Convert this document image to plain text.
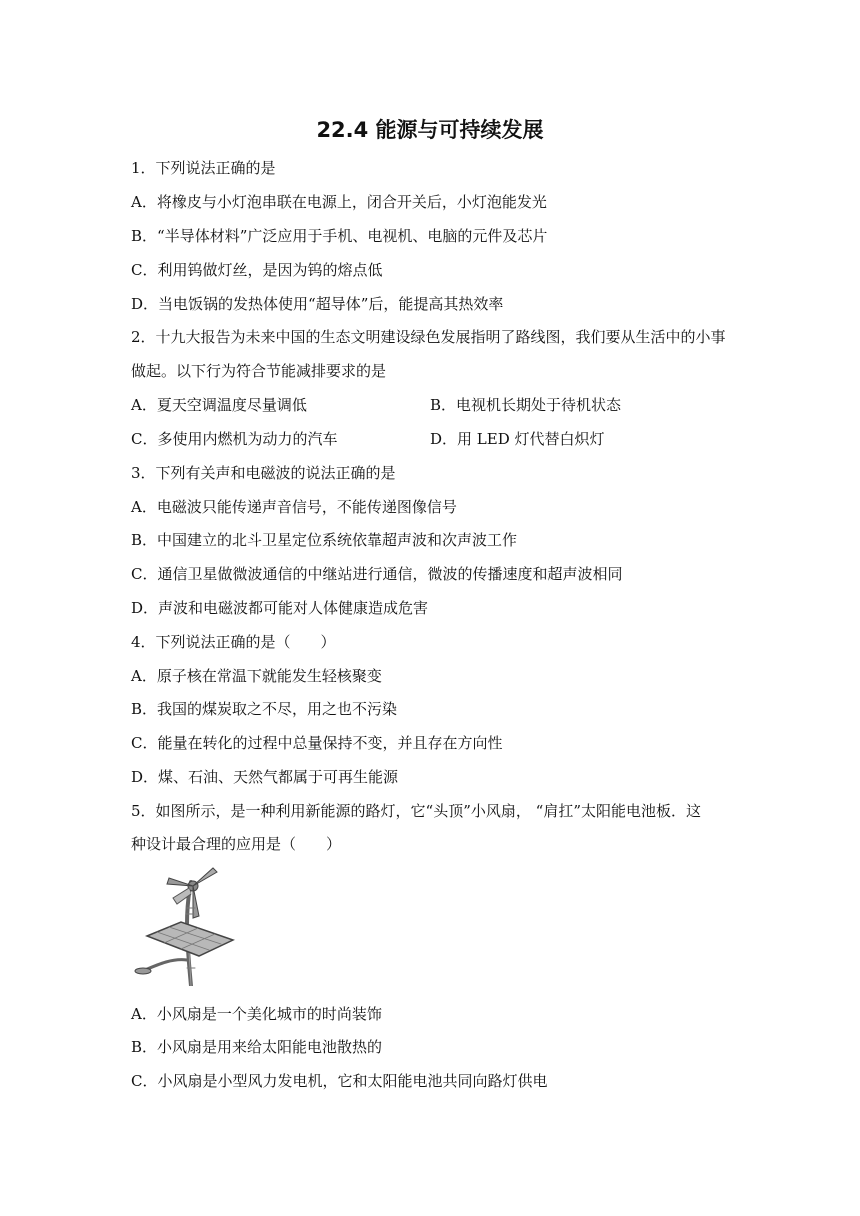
22.4 能源与可持续发展
1．下列说法正确的是
A．将橡皮与小灯泡串联在电源上，闭合开关后，小灯泡能发光
B．“半导体材料”广泛应用于手机、电视机、电脑的元件及芯片
C．利用钨做灯丝，是因为钨的熔点低
D．当电饭锅的发热体使用“超导体”后，能提高其热效率
2．十九大报告为未来中国的生态文明建设绿色发展指明了路线图，我们要从生活中的小事
做起。以下行为符合节能减排要求的是
A．夏天空调温度尽量调低	B．电视机长期处于待机状态
C．多使用内燃机为动力的汽车	D．用 LED 灯代替白炽灯
3．下列有关声和电磁波的说法正确的是
A．电磁波只能传递声音信号，不能传递图像信号
B．中国建立的北斗卫星定位系统依靠超声波和次声波工作
C．通信卫星做微波通信的中继站进行通信，微波的传播速度和超声波相同
D．声波和电磁波都可能对人体健康造成危害
4．下列说法正确的是（　　）
A．原子核在常温下就能发生轻核聚变
B．我国的煤炭取之不尽，用之也不污染
C．能量在转化的过程中总量保持不变，并且存在方向性
D．煤、石油、天然气都属于可再生能源
5．如图所示，是一种利用新能源的路灯，它“头顶”小风扇， “肩扛”太阳能电池板．这
种设计最合理的应用是（　　）
A．小风扇是一个美化城市的时尚装饰
B．小风扇是用来给太阳能电池散热的
C．小风扇是小型风力发电机，它和太阳能电池共同向路灯供电
